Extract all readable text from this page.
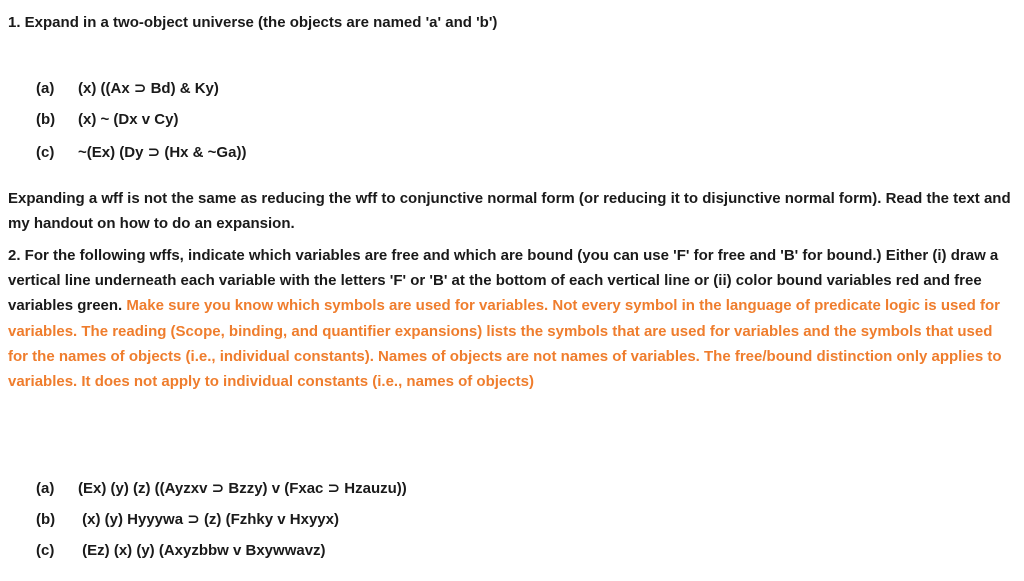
1. Expand in a two-object universe (the objects are named 'a' and 'b')
(a) (x) ((Ax ⊃ Bd) & Ky)
(b) (x) ~ (Dx v Cy)
(c) ~(Ex) (Dy ⊃ (Hx & ~Ga))
Expanding a wff is not the same as reducing the wff to conjunctive normal form (or reducing it to disjunctive normal form). Read the text and my handout on how to do an expansion.
2. For the following wffs, indicate which variables are free and which are bound (you can use 'F' for free and 'B' for bound.) Either (i) draw a vertical line underneath each variable with the letters 'F' or 'B' at the bottom of each vertical line or (ii) color bound variables red and free variables green. Make sure you know which symbols are used for variables. Not every symbol in the language of predicate logic is used for variables. The reading (Scope, binding, and quantifier expansions) lists the symbols that are used for variables and the symbols that used for the names of objects (i.e., individual constants). Names of objects are not names of variables. The free/bound distinction only applies to variables. It does not apply to individual constants (i.e., names of objects)
(a) (Ex) (y) (z) ((Ayzxv ⊃ Bzzy) v (Fxac ⊃ Hzauzu))
(b) (x) (y) Hyyywa ⊃ (z) (Fzhky v Hxyyx)
(c) (Ez) (x) (y) (Axyzbbw v Bxywwavz)
